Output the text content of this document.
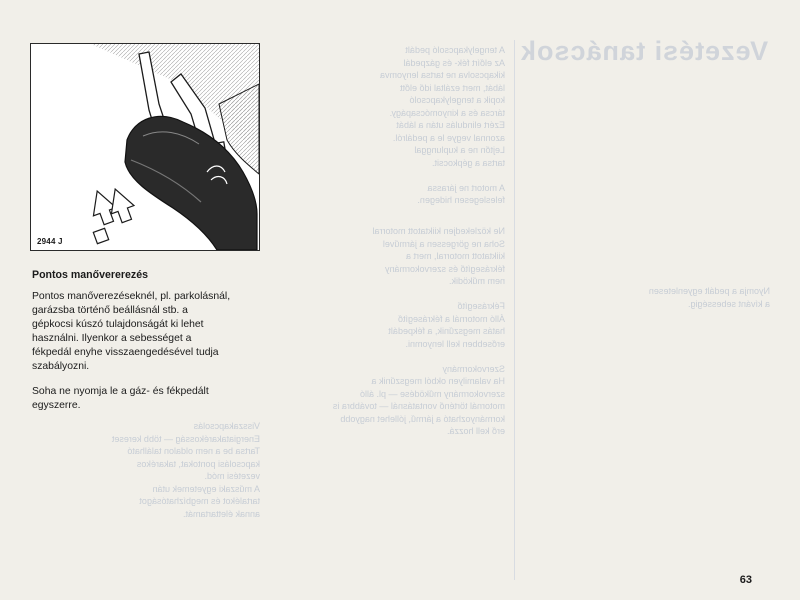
Vezetési tanácsok
A tengelykapcsoló pedált
Az előírt fék- és gázpedál
kikapcsolva ne tartsa lenyomva
lábát, mert ezáltal idő előtt
kopik a tengelykapcsoló
tárcsa és a kinyomócsapágy.
Ezért elindulás után a lábát
azonnal vegye le a pedálról.
Lejtőn ne a kuplunggal
tartsa a gépkocsit.

A motort ne járassa
feleslegesen hidegen.
Ne közlekedjen kiiktatott motorral
Soha ne görgessen a járművel
kiiktatott motorral, mert a
fékrásegítő és szervokormány
nem működik.

Fékrásegítő
Álló motornál a fékrásegítő
hatás megszűnik, a fékpedált
erősebben kell lenyomni.

Szervokormány
Ha valamilyen okból megszűnik a
szervokormány működése — pl. álló
motornál történő vontatásnál — továbbra is
kormányozható a jármű, jóllehet nagyobb
erő kell hozzá.
Visszakapcsolás
Energiatakarékosság — több kereset
Tartsa be a nem oldalon található
kapcsolási pontokat, takarékos
vezetési mód.
A műszaki egyetemek után
tartalékot és megbízhatóságot
annak élettartamát.
Nyomja a pedált egyenletesen
a kívánt sebességig.
2944 J
Pontos manővererezés
Pontos manőverezéseknél, pl. parkolásnál,
garázsba történő beállásnál stb. a
gépkocsi kúszó tulajdonságát ki lehet
használni. Ilyenkor a sebességet a
fékpedál enyhe visszaengedésével tudja
szabályozni.
Soha ne nyomja le a gáz- és fékpedált
egyszerre.
63
